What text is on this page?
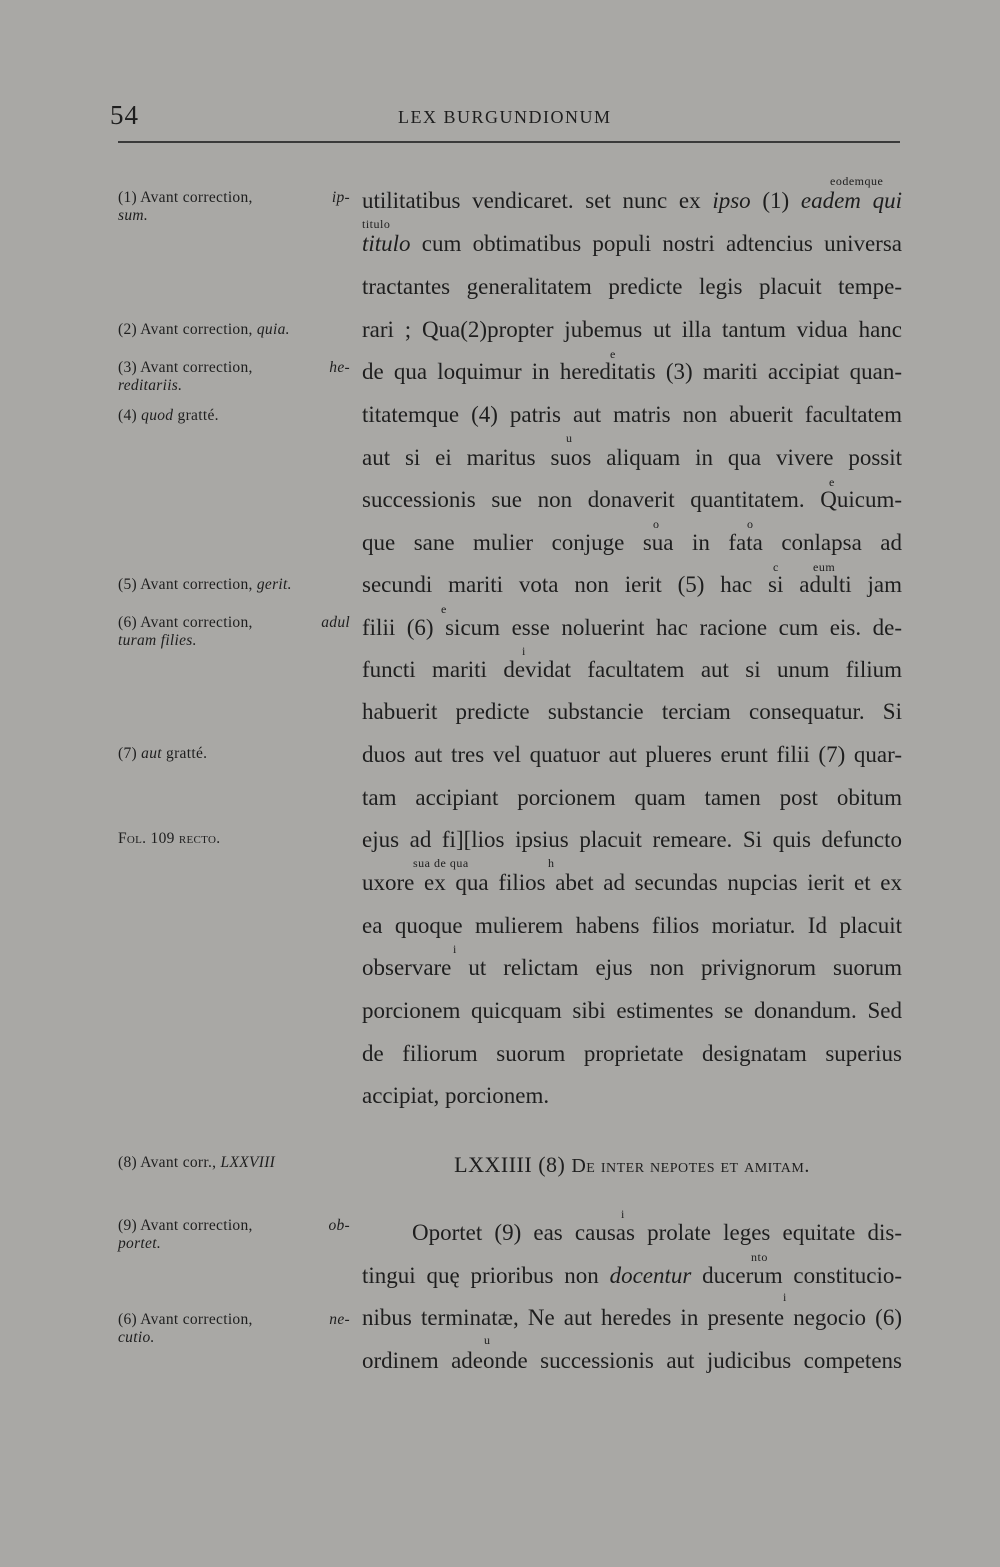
54	LEX BURGUNDIONUM
(1) Avant correction,	ip-

sum.
(2) Avant correction, quia.
(3) Avant correction,	he-

reditariis.
(4) quod gratté.
(5) Avant correction, gerit.
(6) Avant correction,	adul

turam filies.
(7) aut gratté.
Fol. 109 recto.
(8) Avant corr., LXXVIII
(9) Avant correction,	ob-

portet.
(6) Avant correction,	ne-

cutio.
eodemque
titulo
e
u
e
o	o
c	eum
e
i
sua de qua	h
i
i
nto
i
u
utilitatibus vendicaret. set nunc ex ipso (1) eadem qui
titulo cum obtimatibus populi nostri adtencius universa
tractantes generalitatem predicte legis placuit tempe-
rari ; Qua(2)propter jubemus ut illa tantum vidua hanc
de qua loquimur in hereditatis (3) mariti accipiat quan-
titatemque (4) patris aut matris non abuerit facultatem
aut si ei maritus suos aliquam in qua vivere possit
successionis sue non donaverit quantitatem. Quicum-
que sane mulier conjuge sua in fata conlapsa ad
secundi mariti vota non ierit (5) hac si adulti jam
filii (6) sicum esse noluerint hac racione cum eis. de-
functi mariti devidat facultatem aut si unum filium
habuerit predicte substancie terciam consequatur. Si
duos aut tres vel quatuor aut plueres erunt filii (7) quar-
tam accipiant porcionem quam tamen post obitum
ejus ad fi][lios ipsius placuit remeare. Si quis defuncto
uxore ex qua filios abet ad secundas nupcias ierit et ex
ea quoque mulierem habens filios moriatur. Id placuit
observare ut relictam ejus non privignorum suorum
porcionem quicquam sibi estimentes se donandum. Sed
de filiorum suorum proprietate designatam superius
accipiat, porcionem.
LXXIIII (8) De inter nepotes et amitam.
Oportet (9) eas causas prolate leges equitate dis-
tingui quę prioribus non docentur ducerum constitucio-
nibus terminatæ, Ne aut heredes in presente negocio (6)
ordinem adeonde successionis aut judicibus competens
